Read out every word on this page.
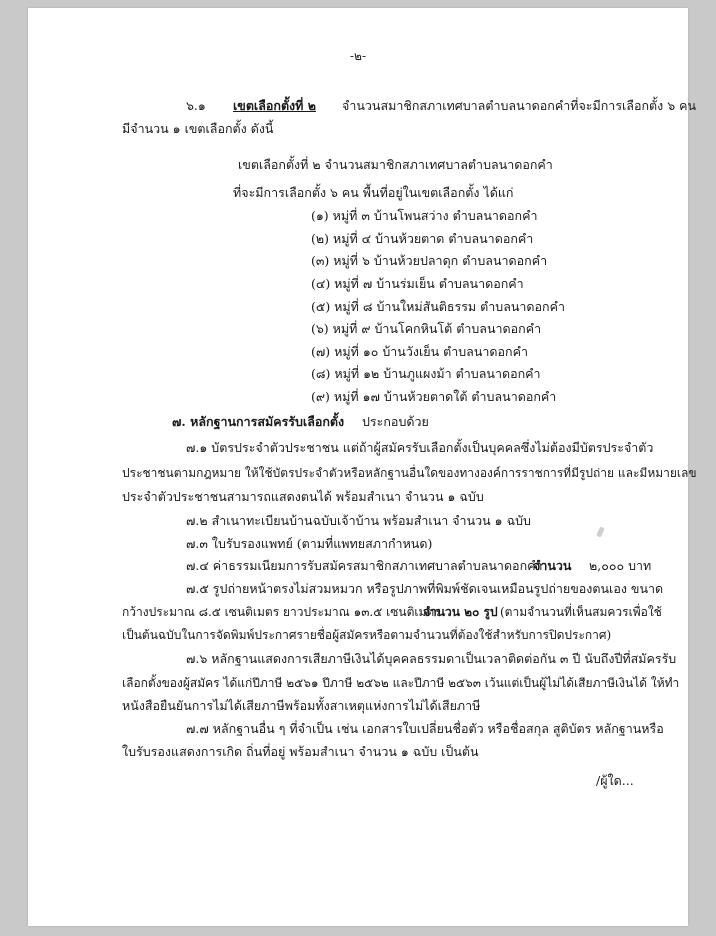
-๒-
๖.๑ เขตเลือกตั้งที่ ๒ จำนวนสมาชิกสภาเทศบาลตำบลนาดอกคำที่จะมีการเลือกตั้ง ๖ คน
มีจำนวน ๑ เขตเลือกตั้ง ดังนี้
เขตเลือกตั้งที่ ๒ จำนวนสมาชิกสภาเทศบาลตำบลนาดอกคำ
ที่จะมีการเลือกตั้ง ๖ คน พื้นที่อยู่ในเขตเลือกตั้ง ได้แก่
(๑) หมู่ที่ ๓ บ้านโพนสว่าง ตำบลนาดอกคำ
(๒) หมู่ที่ ๔ บ้านห้วยตาด ตำบลนาดอกคำ
(๓) หมู่ที่ ๖ บ้านห้วยปลาดุก ตำบลนาดอกคำ
(๔) หมู่ที่ ๗ บ้านร่มเย็น ตำบลนาดอกคำ
(๕) หมู่ที่ ๘ บ้านใหม่สันติธรรม ตำบลนาดอกคำ
(๖) หมู่ที่ ๙ บ้านโคกหินโต้ ตำบลนาดอกคำ
(๗) หมู่ที่ ๑๐ บ้านวังเย็น ตำบลนาดอกคำ
(๘) หมู่ที่ ๑๒ บ้านภูแผงม้า ตำบลนาดอกคำ
(๙) หมู่ที่ ๑๗ บ้านห้วยตาดใต้ ตำบลนาดอกคำ
๗. หลักฐานการสมัครรับเลือกตั้ง ประกอบด้วย
๗.๑ บัตรประจำตัวประชาชน แต่ถ้าผู้สมัครรับเลือกตั้งเป็นบุคคลซึ่งไม่ต้องมีบัตรประจำตัว
ประชาชนตามกฎหมาย ให้ใช้บัตรประจำตัวหรือหลักฐานอื่นใดของทางองค์การราชการที่มีรูปถ่าย และมีหมายเลข
ประจำตัวประชาชนสามารถแสดงตนได้ พร้อมสำเนา จำนวน ๑ ฉบับ
๗.๒ สำเนาทะเบียนบ้านฉบับเจ้าบ้าน พร้อมสำเนา จำนวน ๑ ฉบับ
๗.๓ ใบรับรองแพทย์ (ตามที่แพทยสภากำหนด)
๗.๔ ค่าธรรมเนียมการรับสมัครสมาชิกสภาเทศบาลตำบลนาดอกคำ
จำนวน ๒,๐๐๐ บาท
๗.๕ รูปถ่ายหน้าตรงไม่สวมหมวก หรือรูปภาพที่พิมพ์ชัดเจนเหมือนรูปถ่ายของตนเอง ขนาด
กว้างประมาณ ๘.๕ เซนติเมตร ยาวประมาณ ๑๓.๕ เซนติเมตร
จำนวน ๒๐ รูป (ตามจำนวนที่เห็นสมควรเพื่อใช้
เป็นต้นฉบับในการจัดพิมพ์ประกาศรายชื่อผู้สมัครหรือตามจำนวนที่ต้องใช้สำหรับการปิดประกาศ)
๗.๖ หลักฐานแสดงการเสียภาษีเงินได้บุคคลธรรมดาเป็นเวลาติดต่อกัน ๓ ปี นับถึงปีที่สมัครรับ
เลือกตั้งของผู้สมัคร ได้แก่ปีภาษี ๒๕๖๑ ปีภาษี ๒๕๖๒ และปีภาษี ๒๕๖๓ เว้นแต่เป็นผู้ไม่ได้เสียภาษีเงินได้ ให้ทำ
หนังสือยืนยันการไม่ได้เสียภาษีพร้อมทั้งสาเหตุแห่งการไม่ได้เสียภาษี
๗.๗ หลักฐานอื่น ๆ ที่จำเป็น เช่น เอกสารใบเปลี่ยนชื่อตัว หรือชื่อสกุล สูติบัตร หลักฐานหรือ
ใบรับรองแสดงการเกิด ถิ่นที่อยู่ พร้อมสำเนา จำนวน ๑ ฉบับ เป็นต้น
/ผู้ใด...
